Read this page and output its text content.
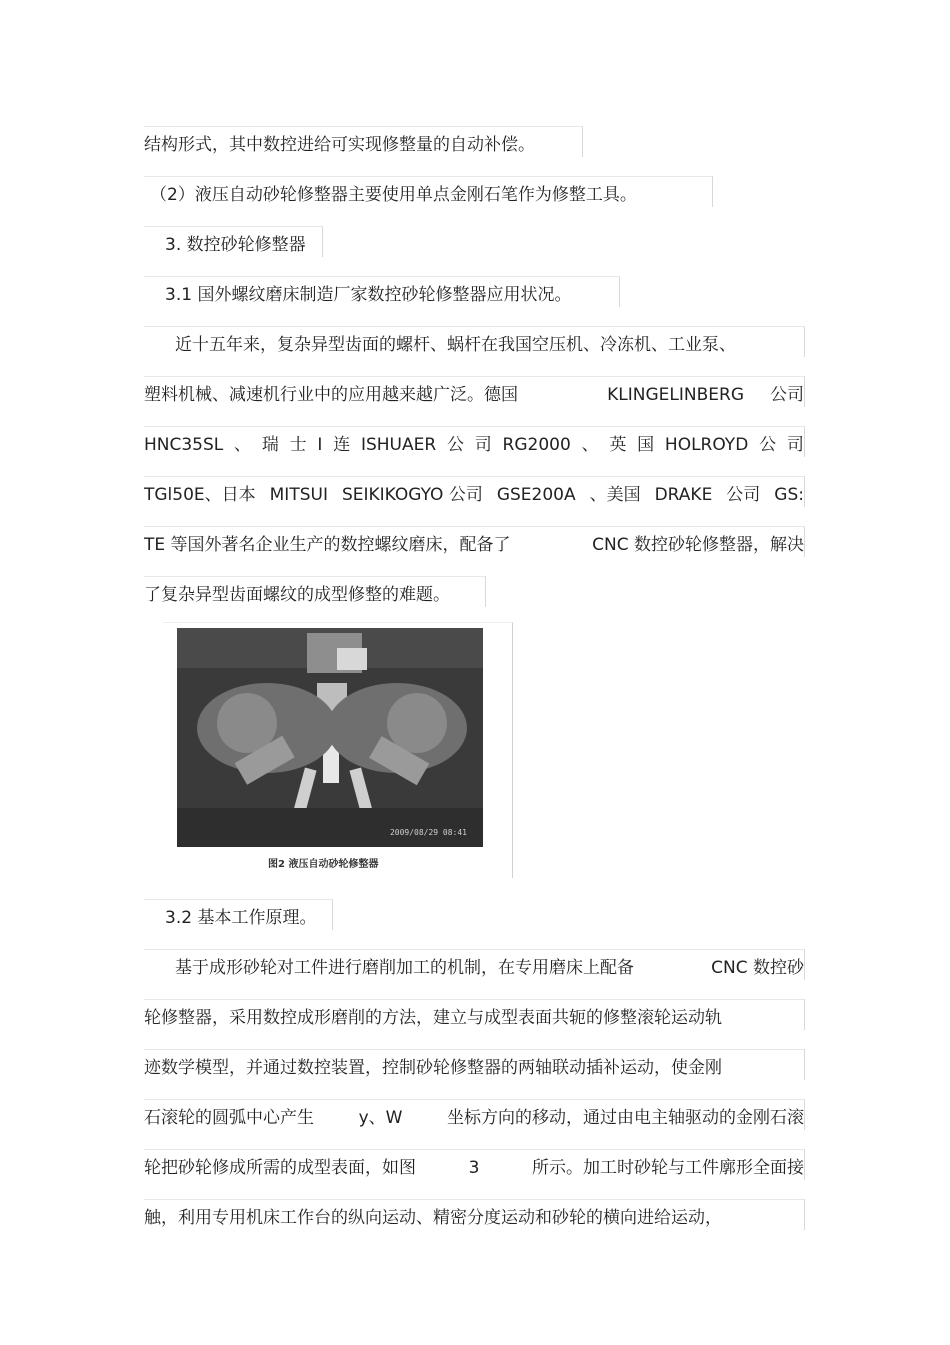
结构形式，其中数控进给可实现修整量的自动补偿。
（2）液压自动砂轮修整器主要使用单点金刚石笔作为修整工具。
3. 数控砂轮修整器
3.1 国外螺纹磨床制造厂家数控砂轮修整器应用状况。
近十五年来，复杂异型齿面的螺杆、蜗杆在我国空压机、冷冻机、工业泵、
塑料机械、减速机行业中的应用越来越广泛。德国	KLINGELINBERG 公司
HNC35SL 、 瑞 士 I 连 ISHUAER 公 司 RG2000 、 英 国 HOLROYD 公 司
TGl50E、日本 MITSUI SEIKIKOGYO 公司 GSE200A 、美国 DRAKE 公司 GS:
TE 等国外著名企业生产的数控螺纹磨床，配备了	CNC 数控砂轮修整器，解决
了复杂异型齿面螺纹的成型修整的难题。
2009/08/29 08:41
图2 液压自动砂轮修整器
3.2 基本工作原理。
基于成形砂轮对工件进行磨削加工的机制，在专用磨床上配备	CNC 数控砂
轮修整器，采用数控成形磨削的方法，建立与成型表面共轭的修整滚轮运动轨
迹数学模型，并通过数控装置，控制砂轮修整器的两轴联动插补运动，使金刚
石滚轮的圆弧中心产生	y、W	坐标方向的移动，通过由电主轴驱动的金刚石滚
轮把砂轮修成所需的成型表面，如图	3	所示。加工时砂轮与工件廓形全面接
触，利用专用机床工作台的纵向运动、精密分度运动和砂轮的横向进给运动，
